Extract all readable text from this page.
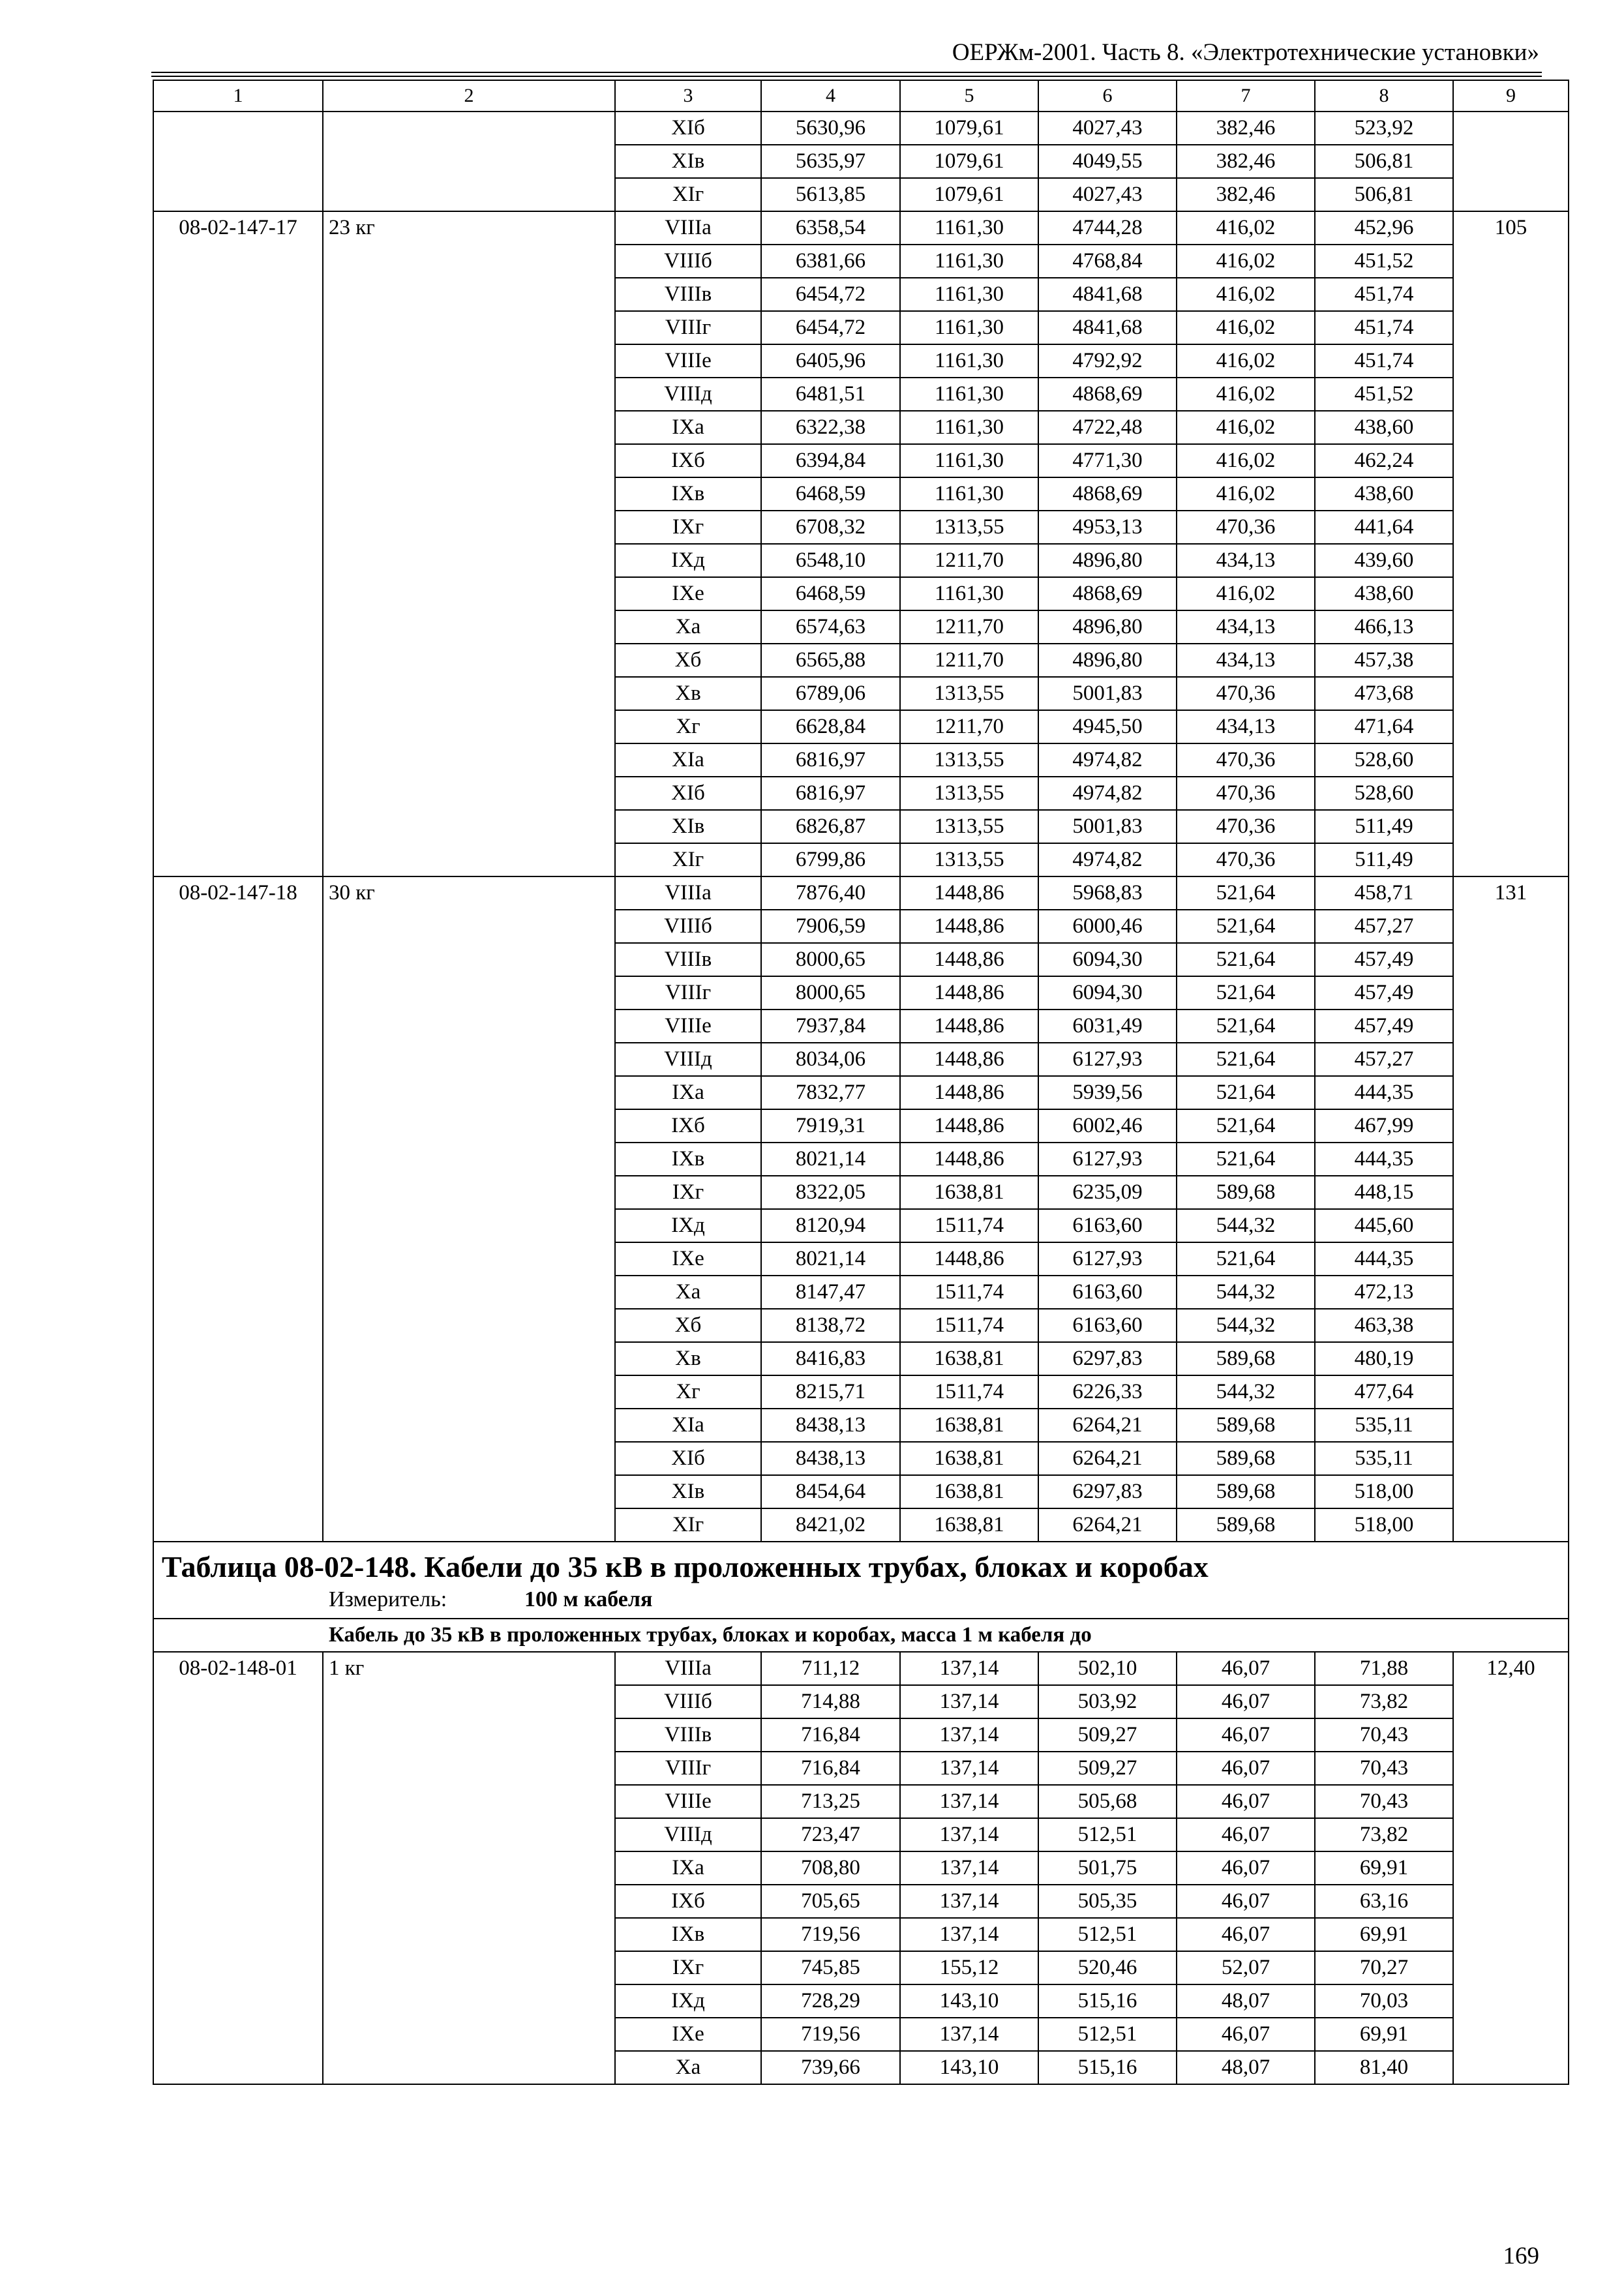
ОЕРЖм-2001. Часть 8. «Электротехнические установки»
1	2	3	4	5	6	7	8	9
		XIб	5630,96	1079,61	4027,43	382,46	523,92	
		XIв	5635,97	1079,61	4049,55	382,46	506,81	
		XIг	5613,85	1079,61	4027,43	382,46	506,81	
08-02-147-17	23 кг	VIIIа	6358,54	1161,30	4744,28	416,02	452,96	105
		VIIIб	6381,66	1161,30	4768,84	416,02	451,52	
		VIIIв	6454,72	1161,30	4841,68	416,02	451,74	
		VIIIг	6454,72	1161,30	4841,68	416,02	451,74	
		VIIIе	6405,96	1161,30	4792,92	416,02	451,74	
		VIIIд	6481,51	1161,30	4868,69	416,02	451,52	
		IXа	6322,38	1161,30	4722,48	416,02	438,60	
		IXб	6394,84	1161,30	4771,30	416,02	462,24	
		IXв	6468,59	1161,30	4868,69	416,02	438,60	
		IXг	6708,32	1313,55	4953,13	470,36	441,64	
		IXд	6548,10	1211,70	4896,80	434,13	439,60	
		IXе	6468,59	1161,30	4868,69	416,02	438,60	
		Xа	6574,63	1211,70	4896,80	434,13	466,13	
		Xб	6565,88	1211,70	4896,80	434,13	457,38	
		Xв	6789,06	1313,55	5001,83	470,36	473,68	
		Xг	6628,84	1211,70	4945,50	434,13	471,64	
		XIа	6816,97	1313,55	4974,82	470,36	528,60	
		XIб	6816,97	1313,55	4974,82	470,36	528,60	
		XIв	6826,87	1313,55	5001,83	470,36	511,49	
		XIг	6799,86	1313,55	4974,82	470,36	511,49	
08-02-147-18	30 кг	VIIIа	7876,40	1448,86	5968,83	521,64	458,71	131
		VIIIб	7906,59	1448,86	6000,46	521,64	457,27	
		VIIIв	8000,65	1448,86	6094,30	521,64	457,49	
		VIIIг	8000,65	1448,86	6094,30	521,64	457,49	
		VIIIе	7937,84	1448,86	6031,49	521,64	457,49	
		VIIIд	8034,06	1448,86	6127,93	521,64	457,27	
		IXа	7832,77	1448,86	5939,56	521,64	444,35	
		IXб	7919,31	1448,86	6002,46	521,64	467,99	
		IXв	8021,14	1448,86	6127,93	521,64	444,35	
		IXг	8322,05	1638,81	6235,09	589,68	448,15	
		IXд	8120,94	1511,74	6163,60	544,32	445,60	
		IXе	8021,14	1448,86	6127,93	521,64	444,35	
		Xа	8147,47	1511,74	6163,60	544,32	472,13	
		Xб	8138,72	1511,74	6163,60	544,32	463,38	
		Xв	8416,83	1638,81	6297,83	589,68	480,19	
		Xг	8215,71	1511,74	6226,33	544,32	477,64	
		XIа	8438,13	1638,81	6264,21	589,68	535,11	
		XIб	8438,13	1638,81	6264,21	589,68	535,11	
		XIв	8454,64	1638,81	6297,83	589,68	518,00	
		XIг	8421,02	1638,81	6264,21	589,68	518,00	

Таблица 08-02-148. Кабели до 35 кВ в проложенных трубах, блоках и коробах
Измеритель: 100 м кабеля								

Кабель до 35 кВ в проложенных трубах, блоках и коробах, масса 1 м кабеля до								
08-02-148-01	1 кг	VIIIа	711,12	137,14	502,10	46,07	71,88	12,40
		VIIIб	714,88	137,14	503,92	46,07	73,82	
		VIIIв	716,84	137,14	509,27	46,07	70,43	
		VIIIг	716,84	137,14	509,27	46,07	70,43	
		VIIIе	713,25	137,14	505,68	46,07	70,43	
		VIIIд	723,47	137,14	512,51	46,07	73,82	
		IXа	708,80	137,14	501,75	46,07	69,91	
		IXб	705,65	137,14	505,35	46,07	63,16	
		IXв	719,56	137,14	512,51	46,07	69,91	
		IXг	745,85	155,12	520,46	52,07	70,27	
		IXд	728,29	143,10	515,16	48,07	70,03	
		IXе	719,56	137,14	512,51	46,07	69,91	
		Xа	739,66	143,10	515,16	48,07	81,40	
169
